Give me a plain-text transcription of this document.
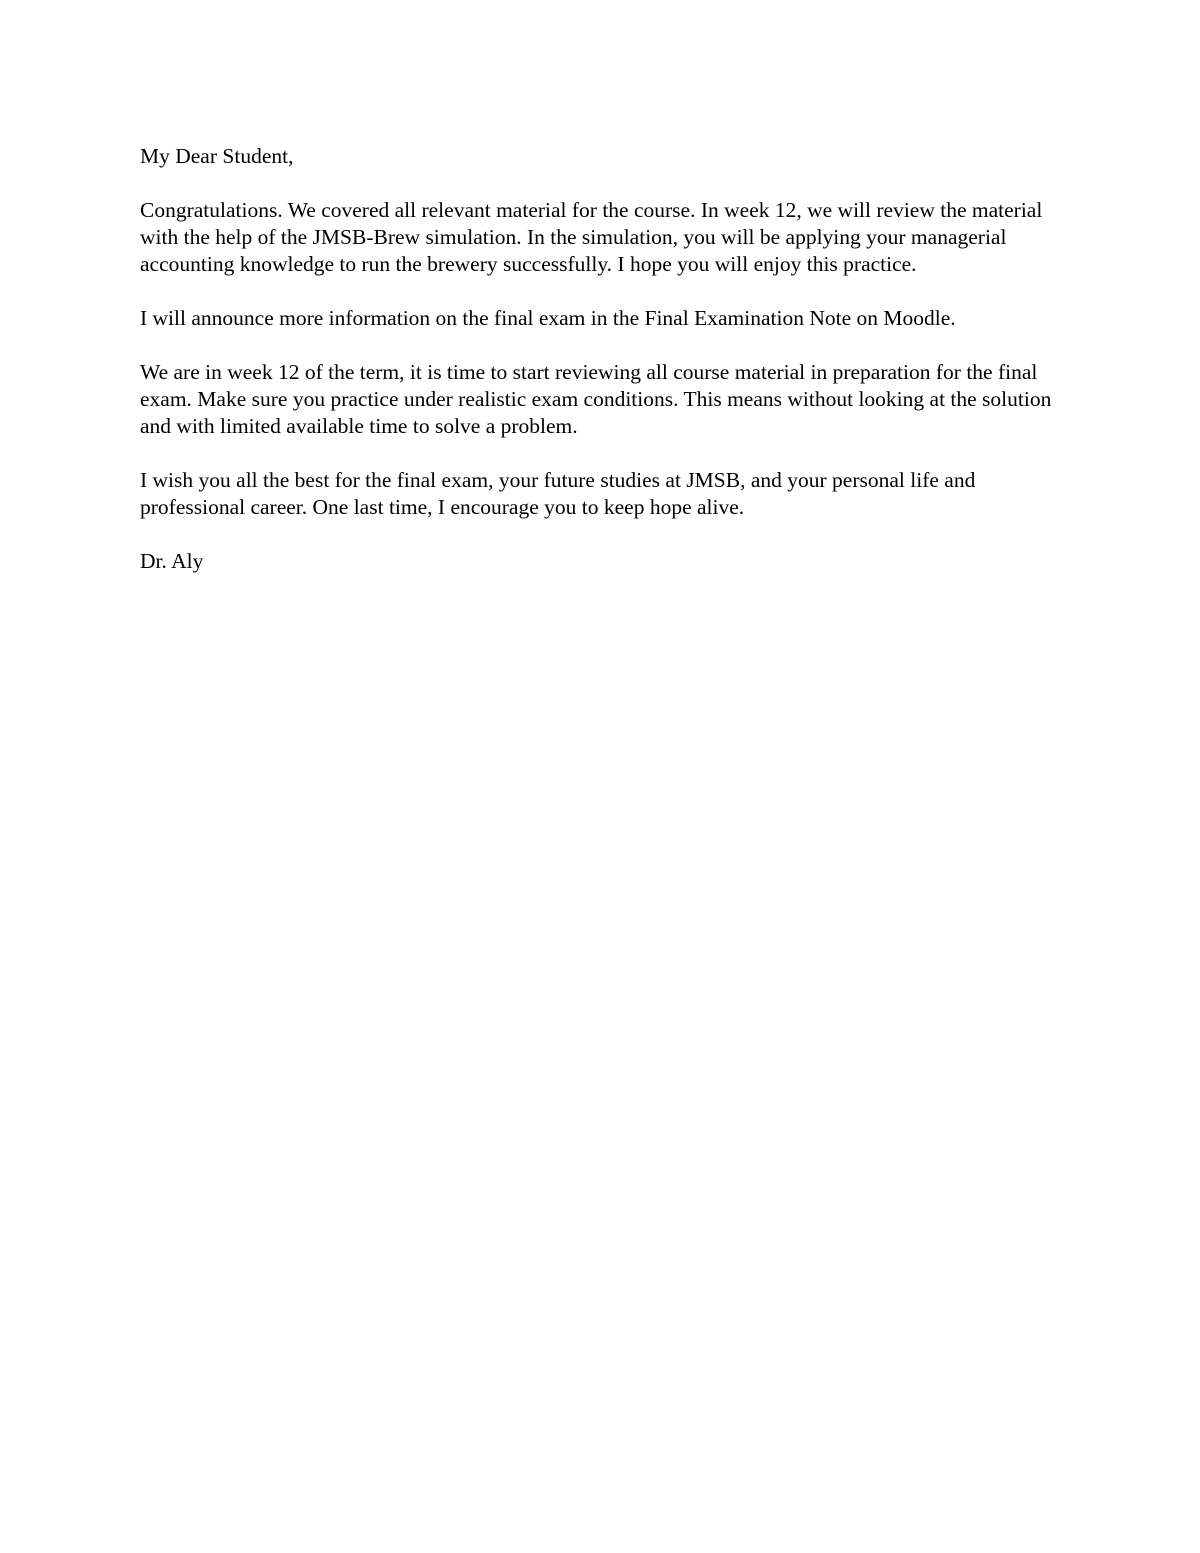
My Dear Student,

Congratulations. We covered all relevant material for the course. In week 12, we will review the material with the help of the JMSB-Brew simulation. In the simulation, you will be applying your managerial accounting knowledge to run the brewery successfully. I hope you will enjoy this practice.

I will announce more information on the final exam in the Final Examination Note on Moodle.

We are in week 12 of the term, it is time to start reviewing all course material in preparation for the final exam. Make sure you practice under realistic exam conditions. This means without looking at the solution and with limited available time to solve a problem.

I wish you all the best for the final exam, your future studies at JMSB, and your personal life and professional career. One last time, I encourage you to keep hope alive.

Dr. Aly
